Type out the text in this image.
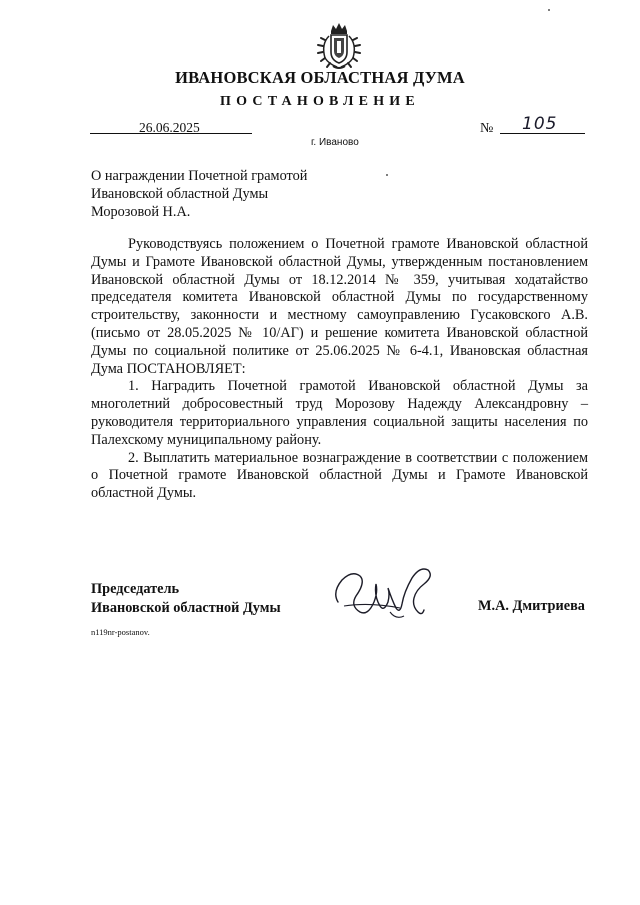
ИВАНОВСКАЯ ОБЛАСТНАЯ ДУМА
ПОСТАНОВЛЕНИЕ
26.06.2025	№ 105
г. Иваново
О награждении Почетной грамотой
Ивановской областной Думы
Морозовой Н.А.

Руководствуясь положением о Почетной грамоте Ивановской областной Думы и Грамоте Ивановской областной Думы, утвержденным постановлением Ивановской областной Думы от 18.12.2014 № 359, учитывая ходатайство председателя комитета Ивановской областной Думы по государственному строительству, законности и местному самоуправлению Гусаковского А.В. (письмо от 28.05.2025 № 10/АГ) и решение комитета Ивановской областной Думы по социальной политике от 25.06.2025 № 6-4.1, Ивановская областная Дума ПОСТАНОВЛЯЕТ:

1. Наградить Почетной грамотой Ивановской областной Думы за многолетний добросовестный труд Морозову Надежду Александровну – руководителя территориального управления социальной защиты населения по Палехскому муниципальному району.

2. Выплатить материальное вознаграждение в соответствии с положением о Почетной грамоте Ивановской областной Думы и Грамоте Ивановской областной Думы.

Председатель
Ивановской областной Думы	М.А. Дмитриева
n119nr-postanov.
